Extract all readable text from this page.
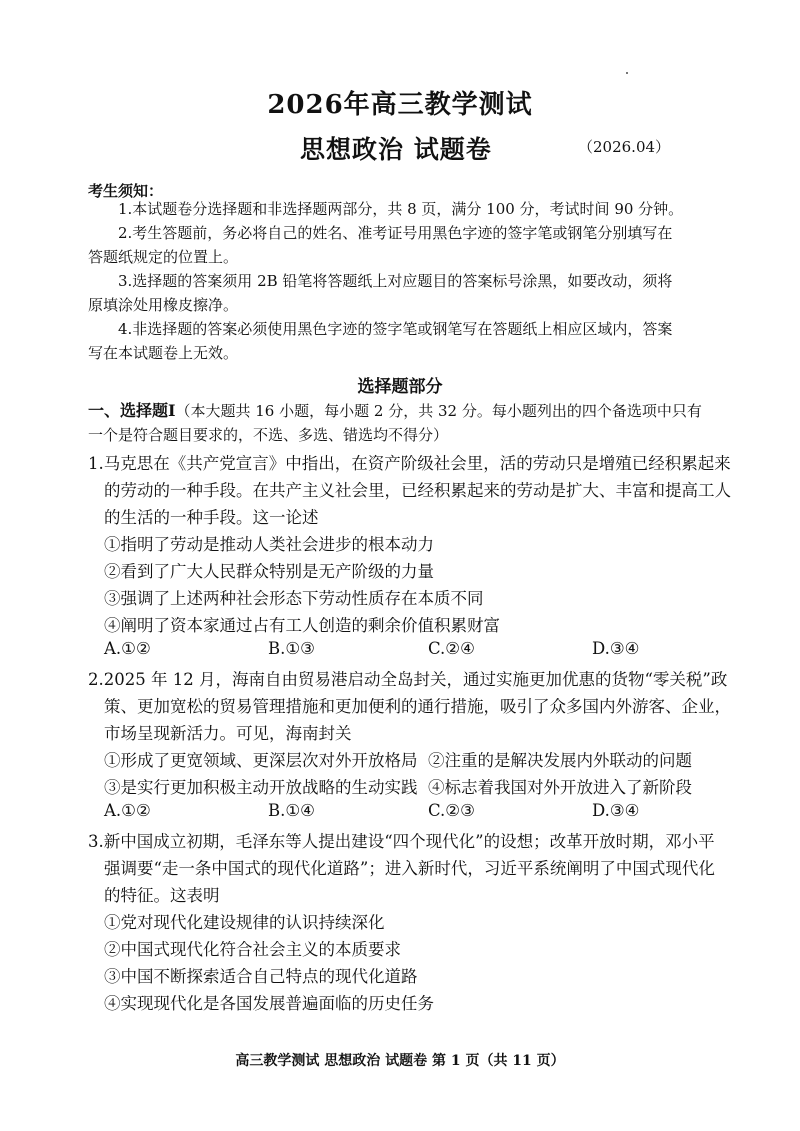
2026年高三教学测试
思想政治 试题卷	（2026.04）
考生须知：
1.本试题卷分选择题和非选择题两部分，共 8 页，满分 100 分，考试时间 90 分钟。
2.考生答题前，务必将自己的姓名、准考证号用黑色字迹的签字笔或钢笔分别填写在
答题纸规定的位置上。
3.选择题的答案须用 2B 铅笔将答题纸上对应题目的答案标号涂黑，如要改动，须将
原填涂处用橡皮擦净。
4.非选择题的答案必须使用黑色字迹的签字笔或钢笔写在答题纸上相应区域内，答案
写在本试题卷上无效。
选择题部分
一、选择题Ⅰ（本大题共 16 小题，每小题 2 分，共 32 分。每小题列出的四个备选项中只有
一个是符合题目要求的，不选、多选、错选均不得分）
1.马克思在《共产党宣言》中指出，在资产阶级社会里，活的劳动只是增殖已经积累起来
的劳动的一种手段。在共产主义社会里，已经积累起来的劳动是扩大、丰富和提高工人
的生活的一种手段。这一论述
①指明了劳动是推动人类社会进步的根本动力
②看到了广大人民群众特别是无产阶级的力量
③强调了上述两种社会形态下劳动性质存在本质不同
④阐明了资本家通过占有工人创造的剩余价值积累财富
A.①②	B.①③	C.②④	D.③④
2.2025 年 12 月，海南自由贸易港启动全岛封关，通过实施更加优惠的货物“零关税”政
策、更加宽松的贸易管理措施和更加便利的通行措施，吸引了众多国内外游客、企业，
市场呈现新活力。可见，海南封关
①形成了更宽领域、更深层次对外开放格局 ②注重的是解决发展内外联动的问题
③是实行更加积极主动开放战略的生动实践 ④标志着我国对外开放进入了新阶段
A.①②	B.①④	C.②③	D.③④
3.新中国成立初期，毛泽东等人提出建设“四个现代化”的设想；改革开放时期，邓小平
强调要“走一条中国式的现代化道路”；进入新时代，习近平系统阐明了中国式现代化
的特征。这表明
①党对现代化建设规律的认识持续深化
②中国式现代化符合社会主义的本质要求
③中国不断探索适合自己特点的现代化道路
④实现现代化是各国发展普遍面临的历史任务
高三教学测试 思想政治 试题卷 第 1 页（共 11 页）
